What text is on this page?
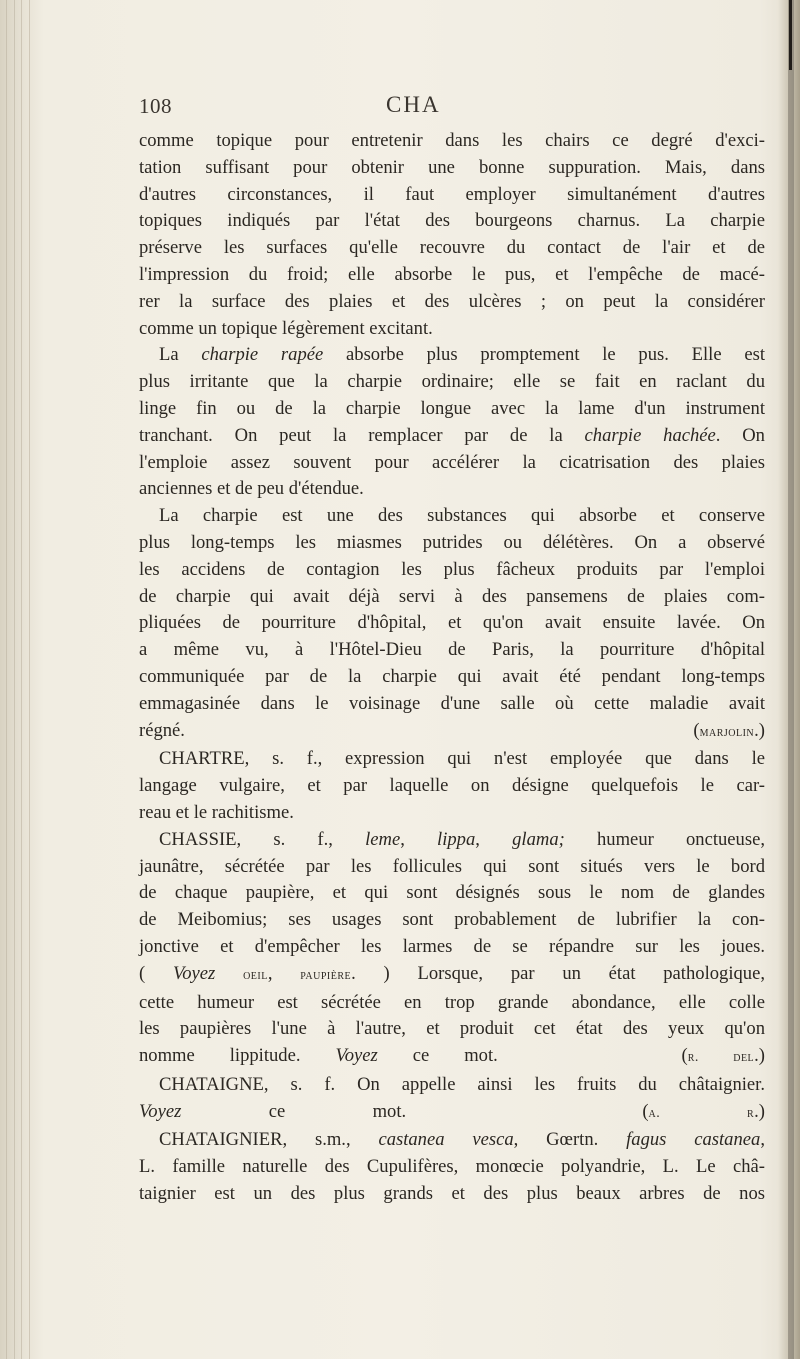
108	CHA

comme topique pour entretenir dans les chairs ce degré d'exci-

tation suffisant pour obtenir une bonne suppuration. Mais, dans

d'autres circonstances, il faut employer simultanément d'autres

topiques indiqués par l'état des bourgeons charnus. La charpie

préserve les surfaces qu'elle recouvre du contact de l'air et de

l'impression du froid; elle absorbe le pus, et l'empêche de macé-

rer la surface des plaies et des ulcères ; on peut la considérer

comme un topique légèrement excitant.

La charpie rapée absorbe plus promptement le pus. Elle est

plus irritante que la charpie ordinaire; elle se fait en raclant du

linge fin ou de la charpie longue avec la lame d'un instrument

tranchant. On peut la remplacer par de la charpie hachée. On

l'emploie assez souvent pour accélérer la cicatrisation des plaies

anciennes et de peu d'étendue.

La charpie est une des substances qui absorbe et conserve

plus long-temps les miasmes putrides ou délétères. On a observé

les accidens de contagion les plus fâcheux produits par l'emploi

de charpie qui avait déjà servi à des pansemens de plaies com-

pliquées de pourriture d'hôpital, et qu'on avait ensuite lavée. On

a même vu, à l'Hôtel-Dieu de Paris, la pourriture d'hôpital

communiquée par de la charpie qui avait été pendant long-temps

emmagasinée dans le voisinage d'une salle où cette maladie avait

régné.        	(marjolin.)

CHARTRE, s. f., expression qui n'est employée que dans le

langage vulgaire, et par laquelle on désigne quelquefois le car-

reau et le rachitisme.

CHASSIE, s. f., leme, lippa, glama; humeur onctueuse,

jaunâtre, sécrétée par les follicules qui sont situés vers le bord

de chaque paupière, et qui sont désignés sous le nom de glandes

de Meibomius; ses usages sont probablement de lubrifier la con-

jonctive et d'empêcher les larmes de se répandre sur les joues.

( Voyez oeil, paupière. ) Lorsque, par un état pathologique,

cette humeur est sécrétée en trop grande abondance, elle colle

les paupières l'une à l'autre, et produit cet état des yeux qu'on

nomme lippitude. Voyez ce mot.        	(r. del.)

CHATAIGNE, s. f. On appelle ainsi les fruits du châtaignier.

Voyez ce mot.        	(a. r.)

CHATAIGNIER, s.m., castanea vesca, Gœrtn. fagus castanea,

L. famille naturelle des Cupulifères, monœcie polyandrie, L. Le châ-

taignier est un des plus grands et des plus beaux arbres de nos
